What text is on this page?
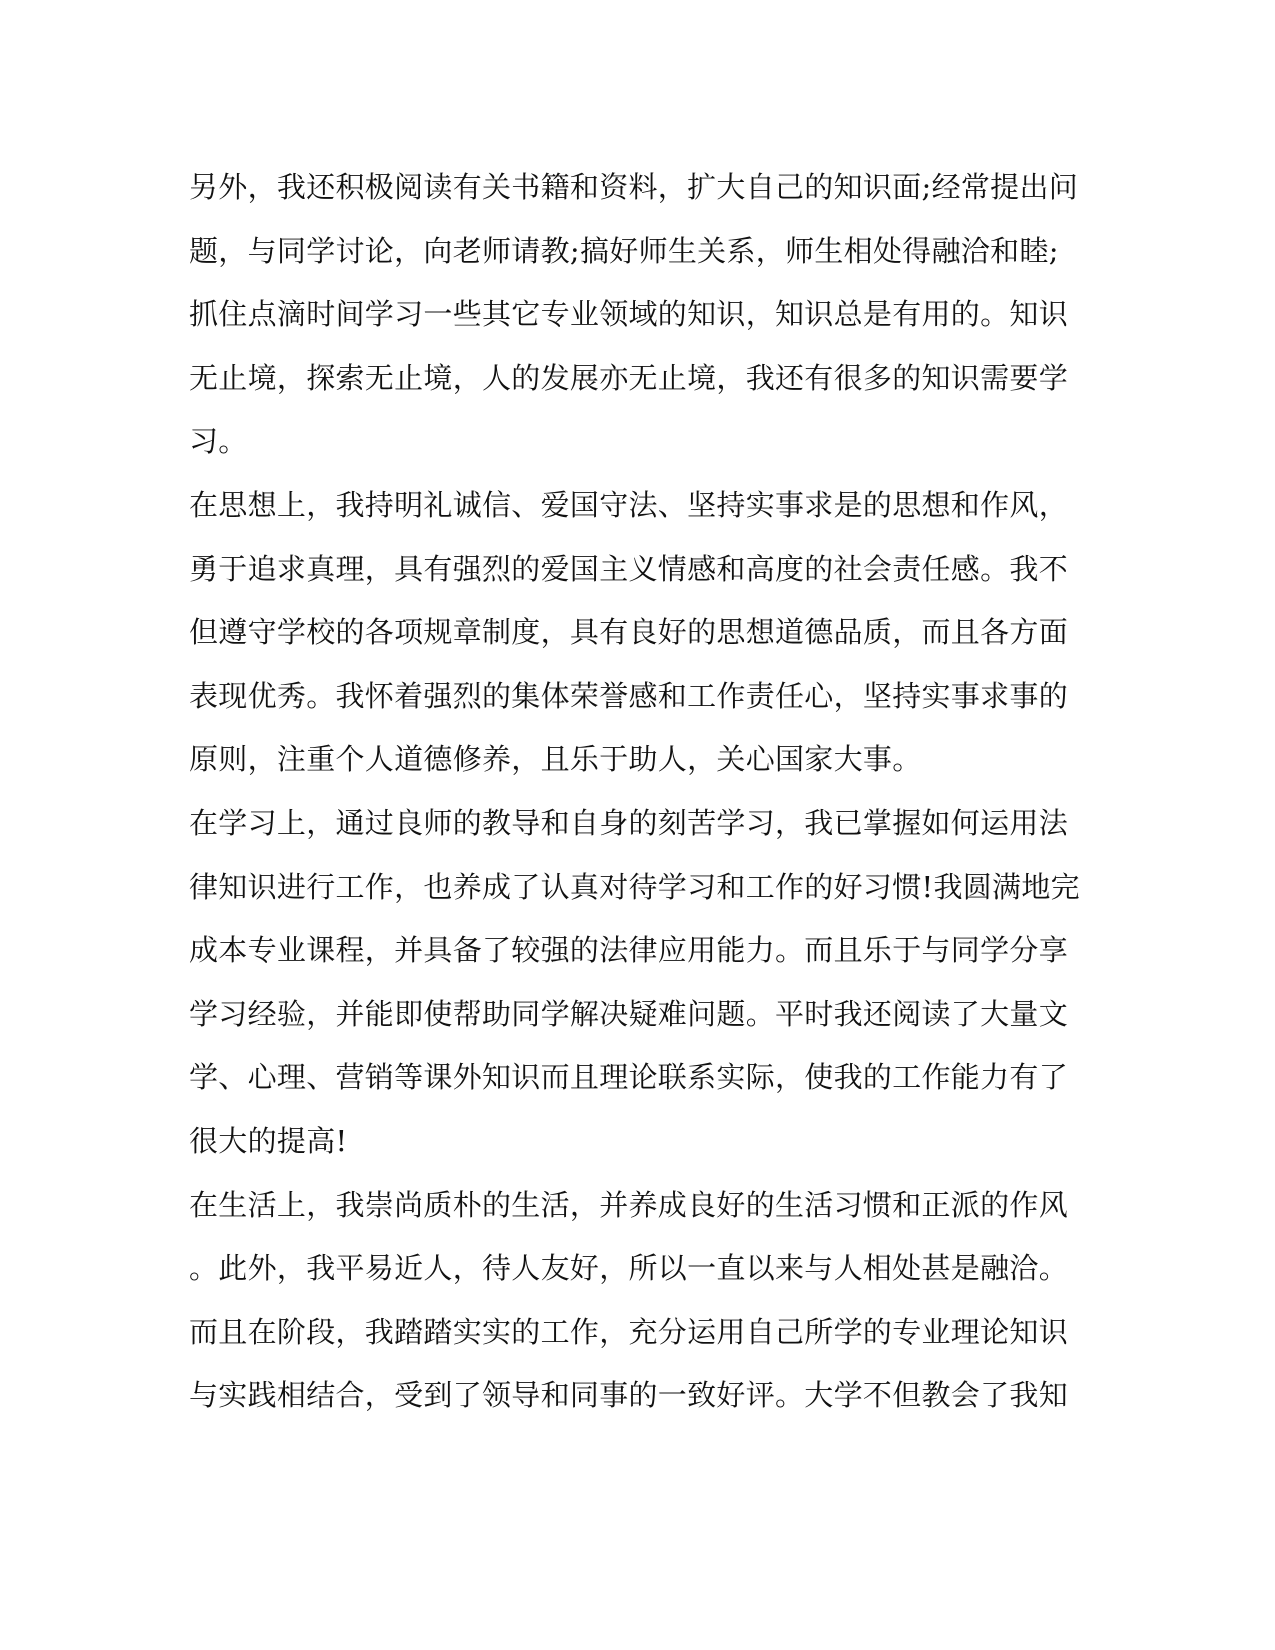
另外，我还积极阅读有关书籍和资料，扩大自己的知识面;经常提出问
题，与同学讨论，向老师请教;搞好师生关系，师生相处得融洽和睦;
抓住点滴时间学习一些其它专业领域的知识，知识总是有用的。知识
无止境，探索无止境，人的发展亦无止境，我还有很多的知识需要学
习。
在思想上，我持明礼诚信、爱国守法、坚持实事求是的思想和作风，
勇于追求真理，具有强烈的爱国主义情感和高度的社会责任感。我不
但遵守学校的各项规章制度，具有良好的思想道德品质，而且各方面
表现优秀。我怀着强烈的集体荣誉感和工作责任心，坚持实事求事的
原则，注重个人道德修养，且乐于助人，关心国家大事。
在学习上，通过良师的教导和自身的刻苦学习，我已掌握如何运用法
律知识进行工作，也养成了认真对待学习和工作的好习惯!我圆满地完
成本专业课程，并具备了较强的法律应用能力。而且乐于与同学分享
学习经验，并能即使帮助同学解决疑难问题。平时我还阅读了大量文
学、心理、营销等课外知识而且理论联系实际，使我的工作能力有了
很大的提高!
在生活上，我崇尚质朴的生活，并养成良好的生活习惯和正派的作风
。此外，我平易近人，待人友好，所以一直以来与人相处甚是融洽。
而且在阶段，我踏踏实实的工作，充分运用自己所学的专业理论知识
与实践相结合，受到了领导和同事的一致好评。大学不但教会了我知
